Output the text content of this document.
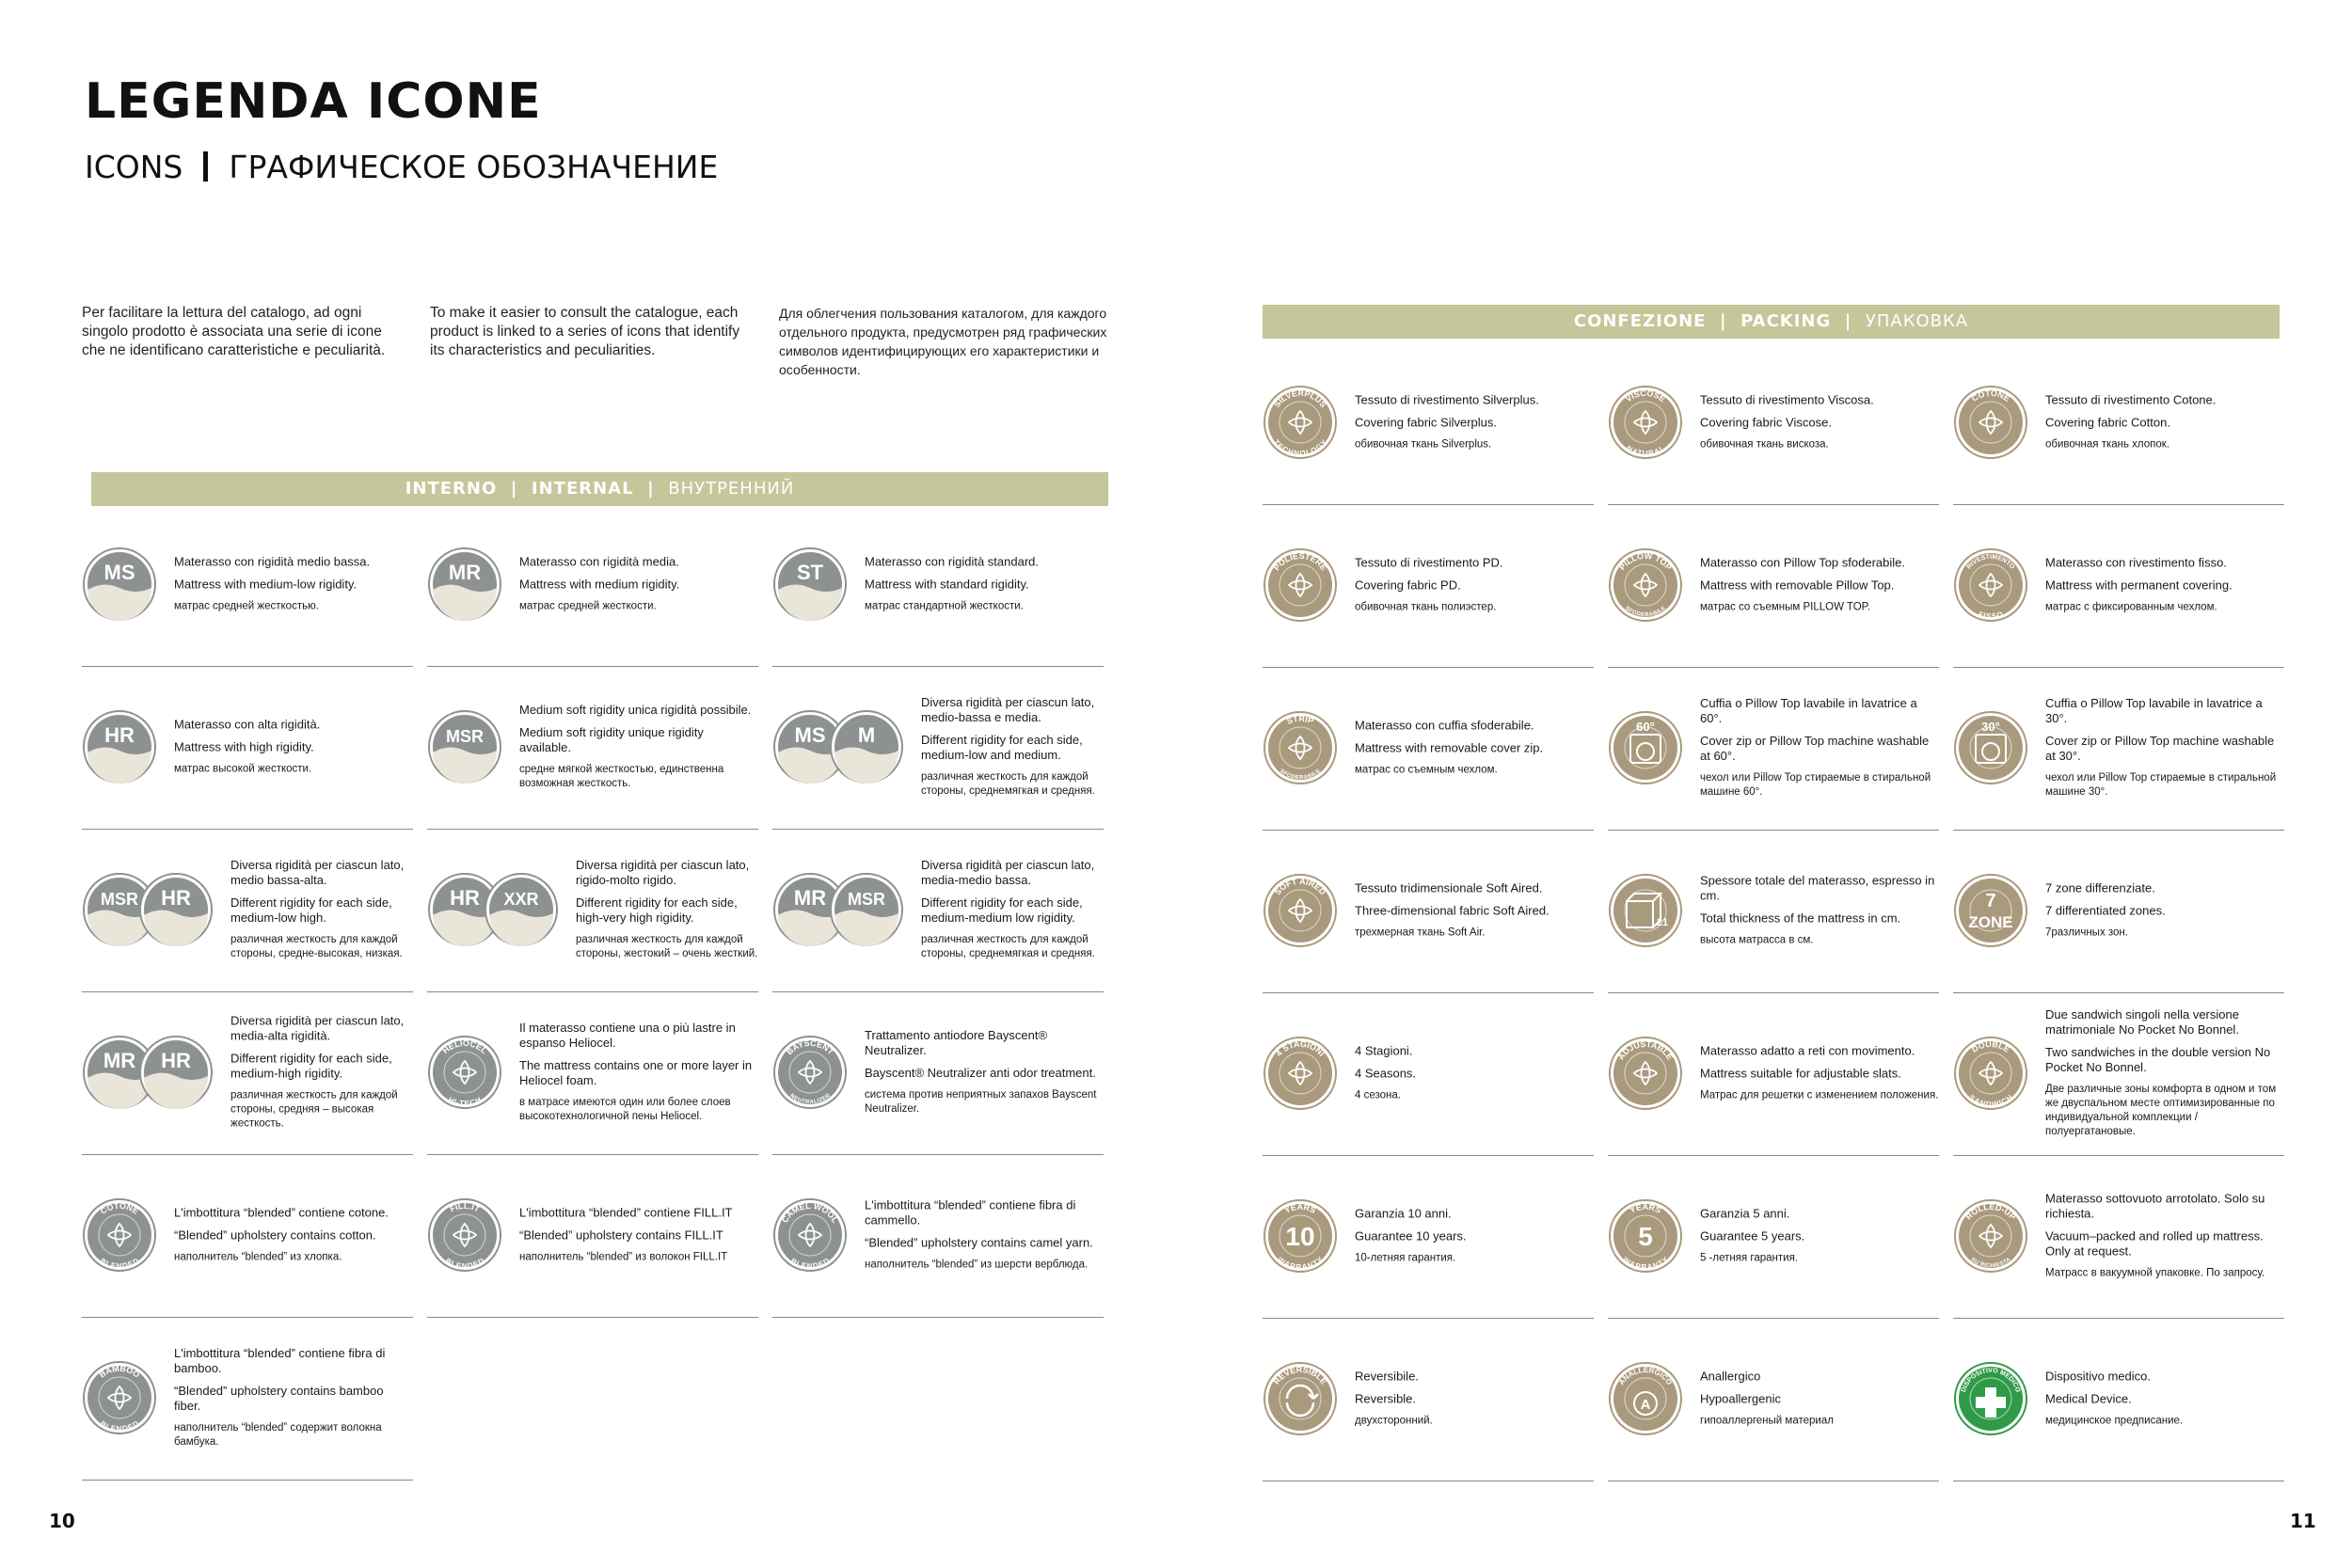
LEGENDA ICONE
ICONS ГРАФИЧЕСКОЕ ОБОЗНАЧЕНИЕ
Per facilitare la lettura del catalogo, ad ogni singolo prodotto è associata una serie di icone che ne identificano caratteristiche e peculiarità.
To make it easier to consult the catalogue, each product is linked to a series of icons that identify its characteristics and peculiarities.
Для облегчения пользования каталогом, для каждого отдельного продукта, предусмотрен ряд графических символов идентифицирующих его характеристики и особенности.
INTERNO  |  INTERNAL  |  ВНУТРЕННИЙ
CONFEZIONE  |  PACKING  |  УПАКОВКА
MS	Materasso con rigidità medio bassa.

Mattress with medium-low rigidity.

матрас средней жесткостью.

MR	Materasso con rigidità media.

Mattress with medium rigidity.

матрас средней жесткости.

ST	Materasso con rigidità standard.

Mattress with standard rigidity.

матрас стандартной жесткости.

HR	Materasso con alta rigidità.

Mattress with high rigidity.

матрас высокой жесткости.

MSR

Medium soft rigidity unica rigidità possibile.

Medium soft rigidity unique rigidity available.

средне мягкой жесткостью, единственна возможная жесткость.

MS M

Diversa rigidità per ciascun lato, medio-bassa e media.

Different rigidity for each side, medium-low and medium.

различная жесткость для каждой стороны, среднемягкая и средняя.

MSR HR

Diversa rigidità per ciascun lato, medio bassa-alta.

Different rigidity for each side, medium-low high.

различная жесткость для каждой стороны, средне-высокая, низкая.

HR XXR

Diversa rigidità per ciascun lato, rigido-molto rigido.

Different rigidity for each side, high-very high rigidity.

различная жесткость для каждой стороны, жестокий – очень жесткий.

MR MSR

Diversa rigidità per ciascun lato, media-medio bassa.

Different rigidity for each side, medium-medium low rigidity.

различная жесткость для каждой стороны, среднемягкая и средняя.

MR HR

Diversa rigidità per ciascun lato, media-alta rigidità.

Different rigidity for each side, medium-high rigidity.

различная жесткость для каждой стороны, средняя – высокая жесткость.

HELIOCEL
HI-TECH

Il materasso contiene una o più lastre in espanso Heliocel.

The mattress contains one or more layer in Heliocel foam.

в матрасе имеются один или более слоев высокотехнологичной пены Heliocel.

BAYSCENT
NEUTRALIZER

Trattamento antiodore Bayscent® Neutralizer.

Bayscent® Neutralizer anti odor treatment.

система против неприятных запахов Bayscent Neutralizer.

COTONE
BLENDED

L'imbottitura “blended” contiene cotone.

“Blended” upholstery contains cotton.

наполнитель “blended” из хлопка.

FILL.IT
BLENDED

L'imbottitura “blended” contiene FILL.IT

“Blended” upholstery contains FILL.IT

наполнитель “blended” из волокон FILL.IT

CAMEL WOOL
BLENDED

L'imbottitura “blended” contiene fibra di cammello.

“Blended” upholstery contains camel yarn.

наполнитель “blended” из шерсти верблюда.

BAMBOO
BLENDED

L'imbottitura “blended” contiene fibra di bamboo.

“Blended” upholstery contains bamboo fiber.

наполнитель “blended” содержит волокна бамбука.

SILVERPLUS
TECHNOLOGY

Tessuto di rivestimento Silverplus.

Covering fabric Silverplus.

обивочная ткань Silverplus.

VISCOSE
NATURAL

Tessuto di rivestimento Viscosa.

Covering fabric Viscose.

обивочная ткань вискоза.

COTONE	Tessuto di rivestimento Cotone.

Covering fabric Cotton.

обивочная ткань хлопок.

POLIESTERE Tessuto di rivestimento PD.

Covering fabric PD.

обивочная ткань полиэстер.

PILLOW TOP
SFODERABILE

Materasso con Pillow Top sfoderabile.

Mattress with removable Pillow Top.

матрас со съемным PILLOW TOP.

RIVESTIMENTO
FISSO

Materasso con rivestimento fisso.

Mattress with permanent covering.

матрас с фиксированным чехлом.

STRIP
SFODERABILE

Materasso con cuffia sfoderabile.

Mattress with removable cover zip.

матрас со съемным чехлом.

60°

Cuffia o Pillow Top lavabile in lavatrice a 60°.

Cover zip or Pillow Top machine washable at 60°.

чехол или Pillow Top стираемые в стиральной машине 60°.

30°

Cuffia o Pillow Top lavabile in lavatrice a 30°.

Cover zip or Pillow Top machine washable at 30°.

чехол или Pillow Top стираемые в стиральной машине 30°.

SOFT AIRED Tessuto tridimensionale Soft Aired.

Three-dimensional fabric Soft Aired.

трехмерная ткань Soft Air.

21

Spessore totale del materasso, espresso in cm.

Total thickness of the mattress in cm.

высота матрасса в см.

7
ZONE

7 zone differenziate.

7 differentiated zones.

7различных зон.

4 STAGIONI 4 Stagioni.

4 Seasons.

4 сезона.

ADJUSTABLE Materasso adatto a reti con movimento.

Mattress suitable for adjustable slats.

Матрас для решетки с изменением положения.

DOUBLE
SANDWICH

Due sandwich singoli nella versione matrimoniale No Pocket No Bonnel.

Two sandwiches in the double version No Pocket No Bonnel.

Две различные зоны комфорта в одном и том же двуспальном месте оптимизированные по индивидуальной комплекции /полуергатановые.

YEARS
10
WARRANTY

Garanzia 10 anni.

Guarantee 10 years.

10-летняя гарантия.

YEARS
5
WARRANTY

Garanzia 5 anni.

Guarantee 5 years.

5 -летняя гарантия.

ROLLED-UP
SU RICHIESTA

Materasso sottovuoto arrotolato. Solo su richiesta.

Vacuum–packed and rolled up mattress. Only at request.

Матрасс в вакуумной упаковке. По запросу.

REVERSIBLE Reversibile.

Reversible.

двухсторонний.

ANALLERGICO
A

Anallergico

Hypoallergenic

гипоаллергеный материал

DISPOSITIVO MEDICO

Dispositivo medico.

Medical Device.

медицинское предписание.

10	11
